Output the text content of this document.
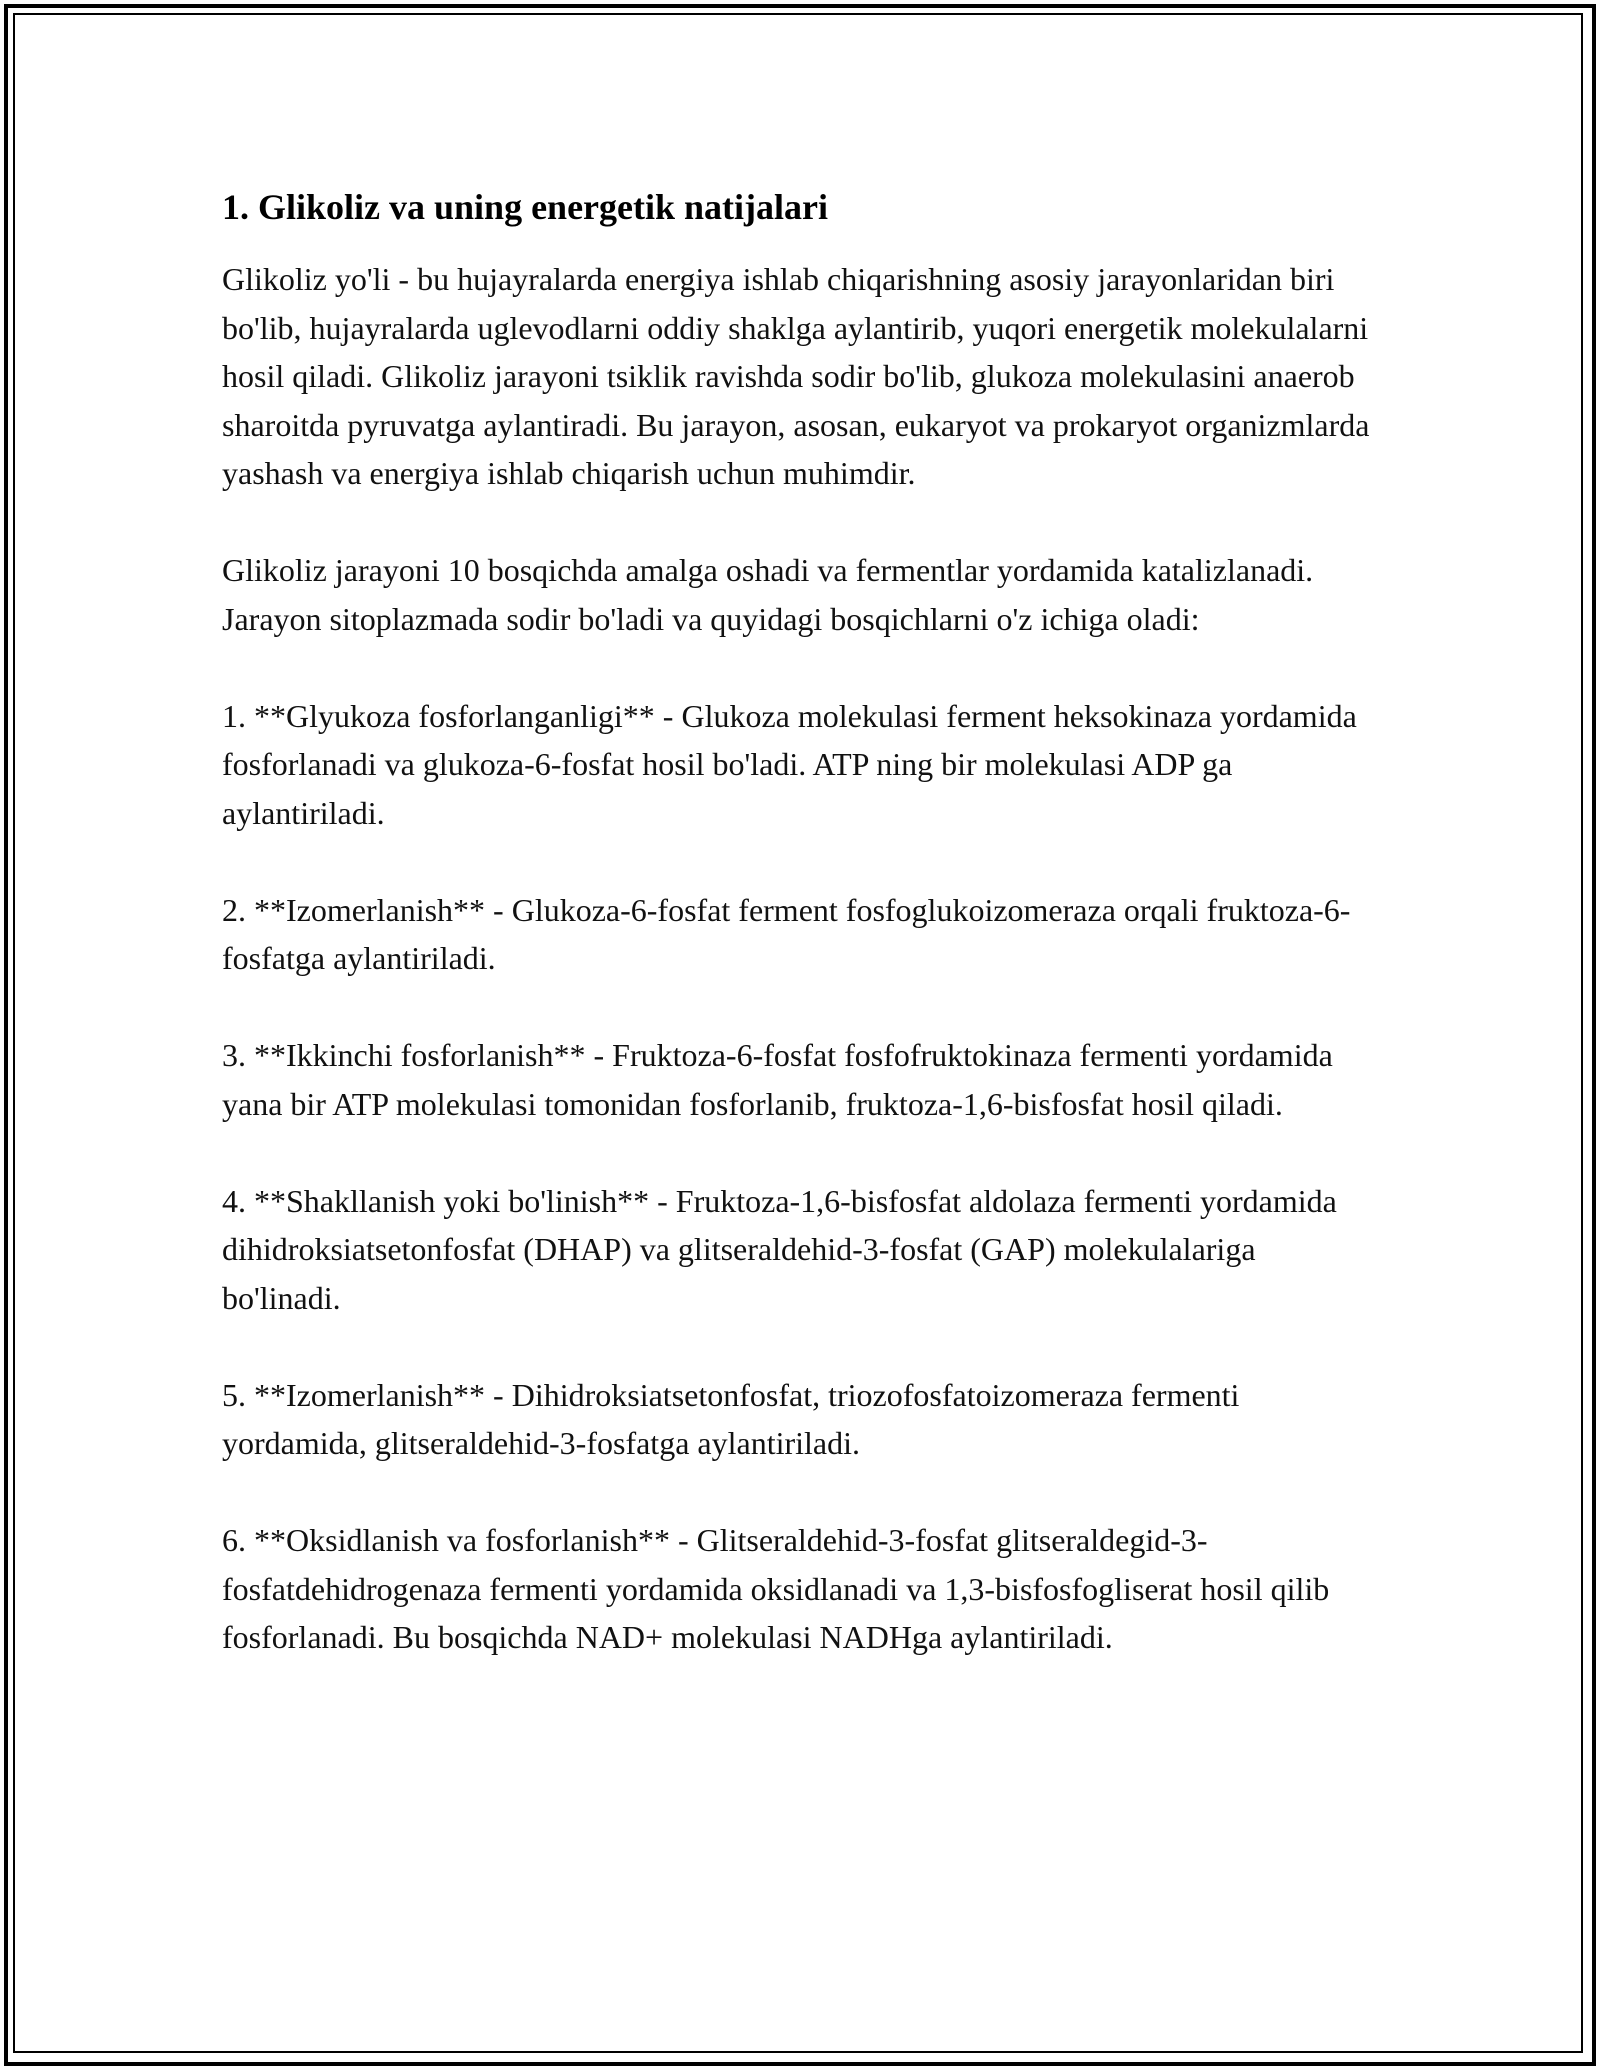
1. Glikoliz va uning energetik natijalari

Glikoliz yo'li - bu hujayralarda energiya ishlab chiqarishning asosiy jarayonlaridan biri bo'lib, hujayralarda uglevodlarni oddiy shaklga aylantirib, yuqori energetik molekulalarni hosil qiladi. Glikoliz jarayoni tsiklik ravishda sodir bo'lib, glukoza molekulasini anaerob sharoitda pyruvatga aylantiradi. Bu jarayon, asosan, eukaryot va prokaryot organizmlarda yashash va energiya ishlab chiqarish uchun muhimdir.

Glikoliz jarayoni 10 bosqichda amalga oshadi va fermentlar yordamida katalizlanadi. Jarayon sitoplazmada sodir bo'ladi va quyidagi bosqichlarni o'z ichiga oladi:

1. **Glyukoza fosforlanganligi** - Glukoza molekulasi ferment heksokinaza yordamida fosforlanadi va glukoza-6-fosfat hosil bo'ladi. ATP ning bir molekulasi ADP ga aylantiriladi.

2. **Izomerlanish** - Glukoza-6-fosfat ferment fosfoglukoizomeraza orqali fruktoza-6-fosfatga aylantiriladi.

3. **Ikkinchi fosforlanish** - Fruktoza-6-fosfat fosfofruktokinaza fermenti yordamida yana bir ATP molekulasi tomonidan fosforlanib, fruktoza-1,6-bisfosfat hosil qiladi.

4. **Shakllanish yoki bo'linish** - Fruktoza-1,6-bisfosfat aldolaza fermenti yordamida dihidroksiatsetonfosfat (DHAP) va glitseraldehid-3-fosfat (GAP) molekulalariga bo'linadi.

5. **Izomerlanish** - Dihidroksiatsetonfosfat, triozofosfatoizomeraza fermenti yordamida, glitseraldehid-3-fosfatga aylantiriladi.

6. **Oksidlanish va fosforlanish** - Glitseraldehid-3-fosfat glitseraldegid-3-fosfatdehidrogenaza fermenti yordamida oksidlanadi va 1,3-bisfosfogliserat hosil qilib fosforlanadi. Bu bosqichda NAD+ molekulasi NADHga aylantiriladi.
